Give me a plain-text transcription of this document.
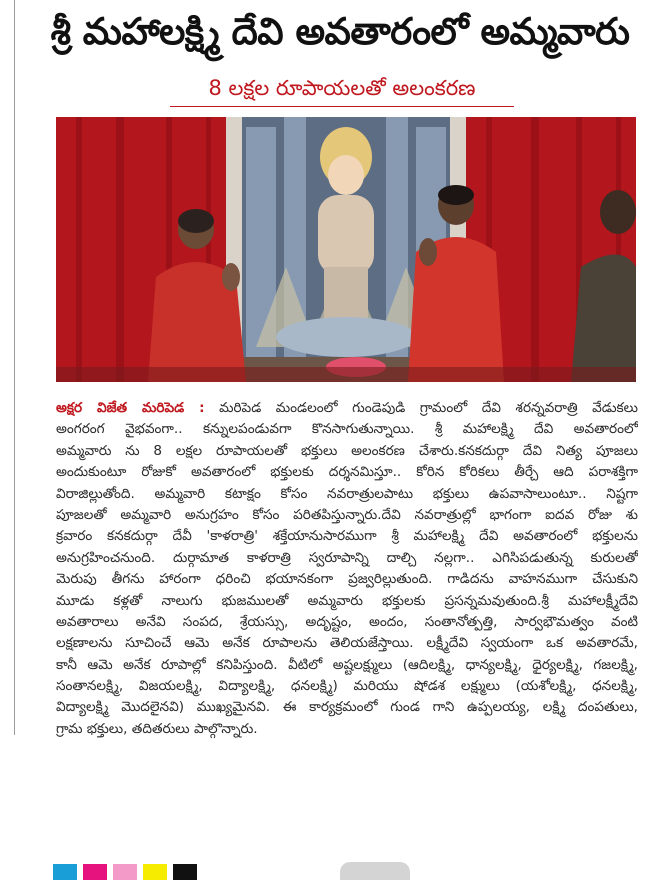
శ్రీ మహాలక్ష్మి దేవి అవతారంలో అమ్మవారు
8 లక్షల రూపాయలతో అలంకరణ
అక్షర విజేత మరిపెడ : మరిపెడ మండలంలో గుండెపుడి గ్రామంలో దేవి శరన్నవరాత్రి వేడుకలు
అంగరంగ వైభవంగా.. కన్నులపండువగా కొనసాగుతున్నాయి. శ్రీ మహాలక్ష్మి దేవి అవతారంలో
అమ్మవారు ను 8 లక్షల రూపాయలతో భక్తులు అలంకరణ చేశారు.కనకదుర్గా దేవి నిత్య పూజలు
అందుకుంటూ రోజుకో అవతారంలో భక్తులకు దర్శనమిస్తూ.. కోరిన కోరికలు తీర్చే ఆది పరాశక్తిగా
విరాజిల్లుతోంది. అమ్మవారి కటాక్షం కోసం నవరాత్రులపాటు భక్తులు ఉపవాసాలుంటూ.. నిష్టగా
పూజలతో అమ్మవారి అనుగ్రహం కోసం పరితపిస్తున్నారు.దేవి నవరాత్రుల్లో భాగంగా ఐదవ రోజు శు
క్రవారం కనకదుర్గా దేవీ 'కాళరాత్రి' శక్తేయానుసారముగా శ్రీ మహాలక్ష్మి దేవి అవతారంలో భక్తులను
అనుగ్రహించనుంది. దుర్గామాత కాళరాత్రి స్వరూపాన్ని దాల్చి నల్లగా.. ఎగిసిపడుతున్న కురులతో
మెరుపు తీగను హారంగా ధరించి భయానకంగా ప్రజ్వరిల్లుతుంది. గాడిదను వాహనముగా చేసుకుని
మూడు కళ్లతో నాలుగు భుజములతో అమ్మవారు భక్తులకు ప్రసన్నమవుతుంది.శ్రీ మహాలక్ష్మీదేవి
అవతారాలు అనేవి సంపద, శ్రేయస్సు, అదృష్టం, అందం, సంతానోత్పత్తి, సార్వభౌమత్వం వంటి
లక్షణాలను సూచించే ఆమె అనేక రూపాలను తెలియజేస్తాయి. లక్ష్మీదేవి స్వయంగా ఒక అవతారమే,
కానీ ఆమె అనేక రూపాల్లో కనిపిస్తుంది. వీటిలో అష్టలక్ష్ములు (ఆదిలక్ష్మి, ధాన్యలక్ష్మి, ధైర్యలక్ష్మి, గజలక్ష్మి,
సంతానలక్ష్మి, విజయలక్ష్మి, విద్యాలక్ష్మి, ధనలక్ష్మి) మరియు షోడశ లక్ష్ములు (యశోలక్ష్మి, ధనలక్ష్మి,
విద్యాలక్ష్మి మొదలైనవి) ముఖ్యమైనవి. ఈ కార్యక్రమంలో గుండ గాని ఉప్పలయ్య, లక్ష్మి దంపతులు,
గ్రామ భక్తులు, తదితరులు పాల్గొన్నారు.
